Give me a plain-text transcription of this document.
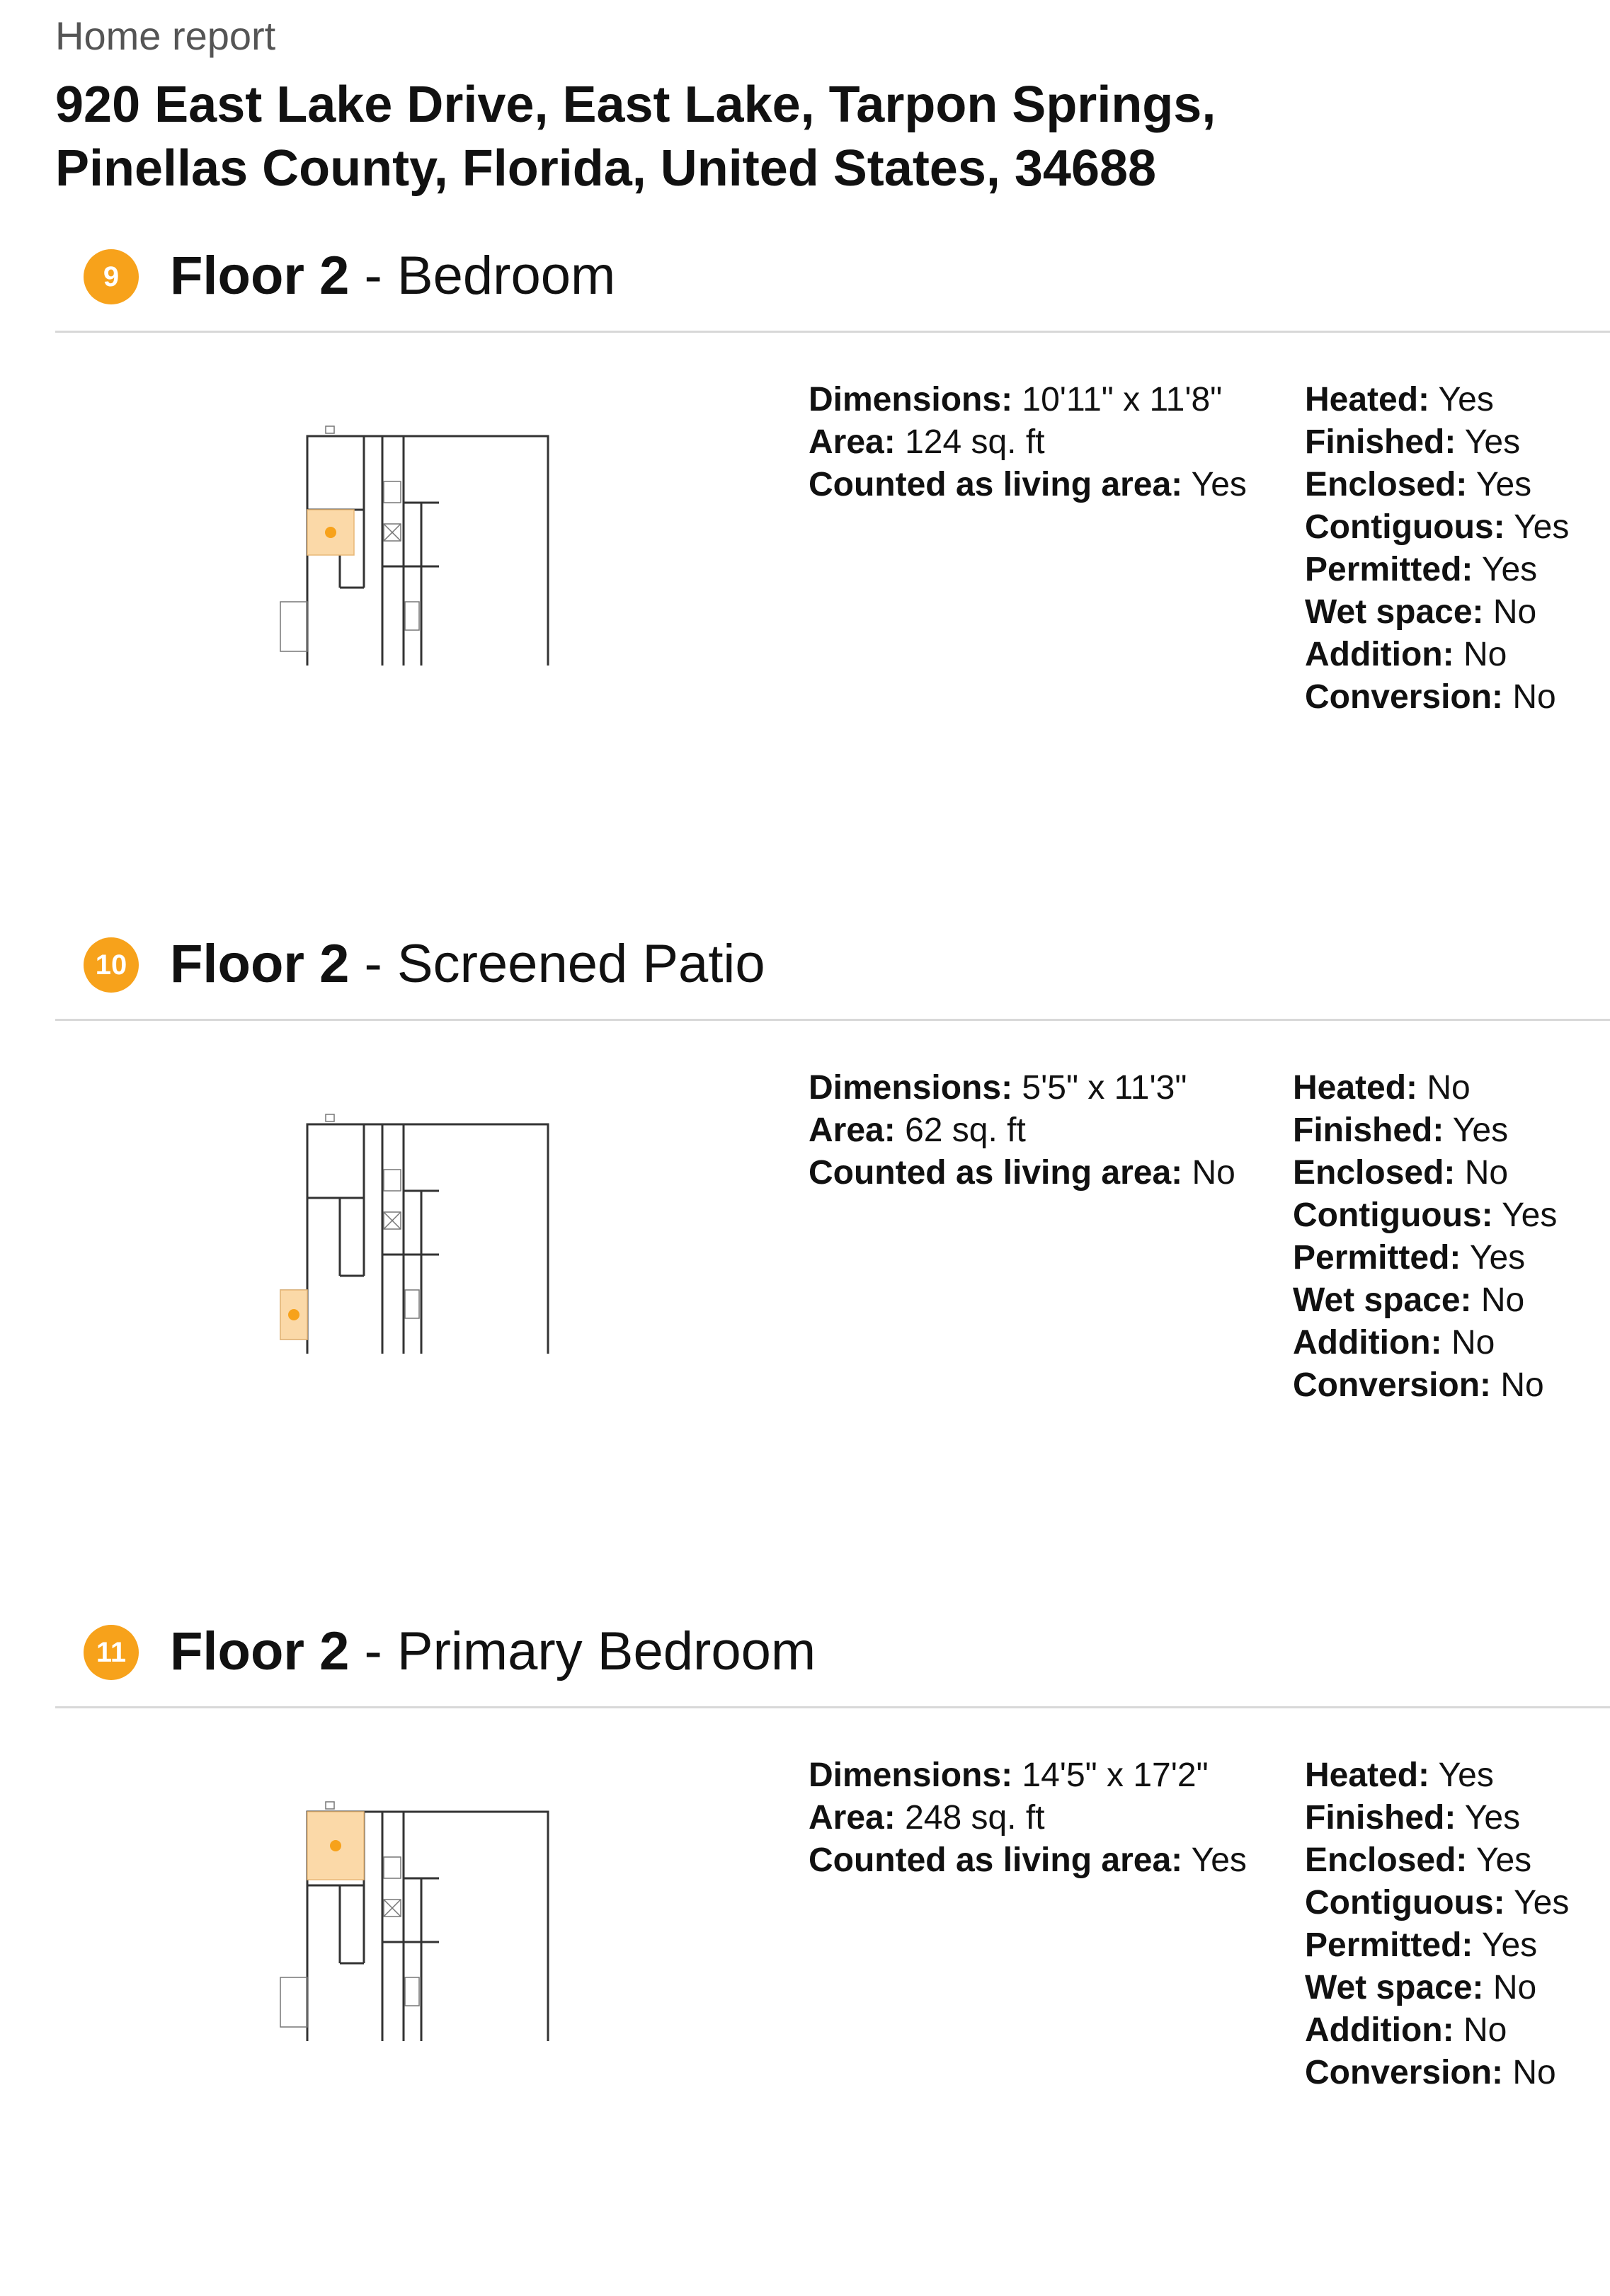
Home report
920 East Lake Drive, East Lake, Tarpon Springs,
Pinellas County, Florida, United States, 34688
9 Floor 2 - Bedroom
Dimensions: 10'11" x 11'8"
Area: 124 sq. ft
Counted as living area: Yes
Heated: Yes
Finished: Yes
Enclosed: Yes
Contiguous: Yes
Permitted: Yes
Wet space: No
Addition: No
Conversion: No
10 Floor 2 - Screened Patio
Dimensions: 5'5" x 11'3"
Area: 62 sq. ft
Counted as living area: No
Heated: No
Finished: Yes
Enclosed: No
Contiguous: Yes
Permitted: Yes
Wet space: No
Addition: No
Conversion: No
11 Floor 2 - Primary Bedroom
Dimensions: 14'5" x 17'2"
Area: 248 sq. ft
Counted as living area: Yes
Heated: Yes
Finished: Yes
Enclosed: Yes
Contiguous: Yes
Permitted: Yes
Wet space: No
Addition: No
Conversion: No
